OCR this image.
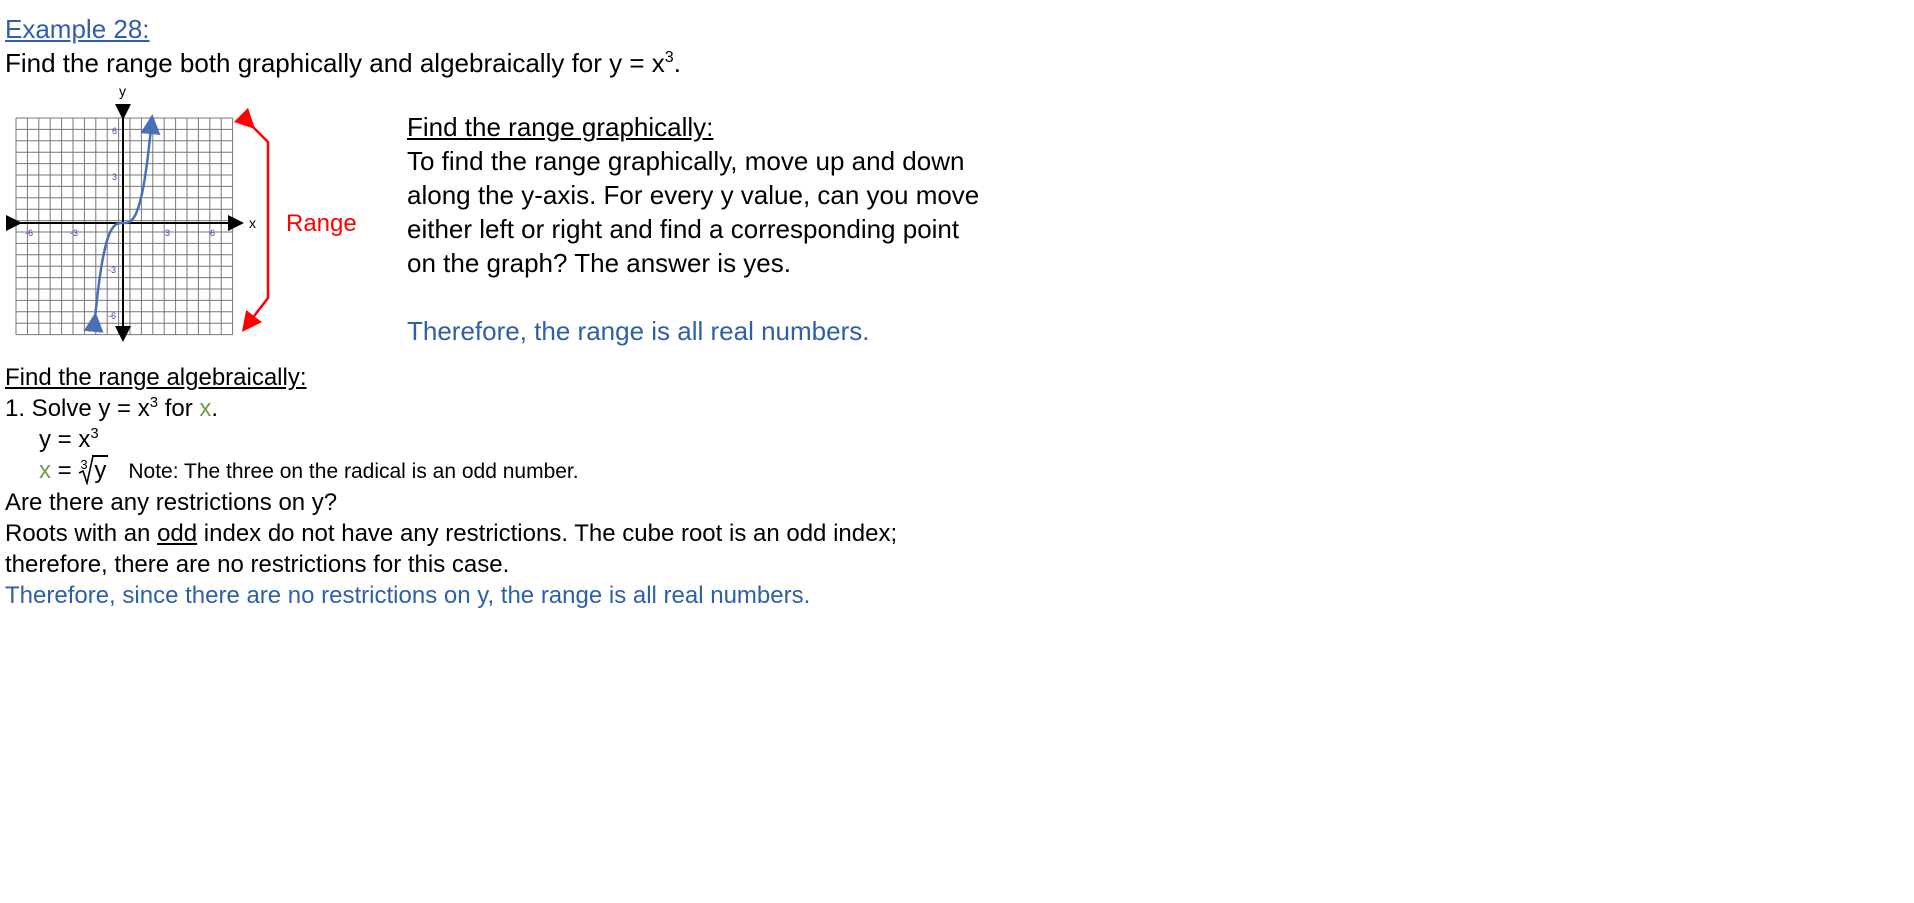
Example 28:
Find the range both graphically and algebraically for $y = x^3$.
y
x
-6	-3	3	6
6
3
-3
-6
Range
Find the range graphically:
To find the range graphically, move up and down
along the y-axis. For every y value, can you move
either left or right and find a corresponding point
on the graph? The answer is yes.
Therefore, the range is all real numbers.
Find the range algebraically:
1. Solve $y = x^3$ for x.
$y = x^3$
x = 3 y Note: The three on the radical is an odd number.
Are there any restrictions on y?
Roots with an odd index do not have any restrictions. The cube root is an odd index;
therefore, there are no restrictions for this case.
Therefore, since there are no restrictions on y, the range is all real numbers.
